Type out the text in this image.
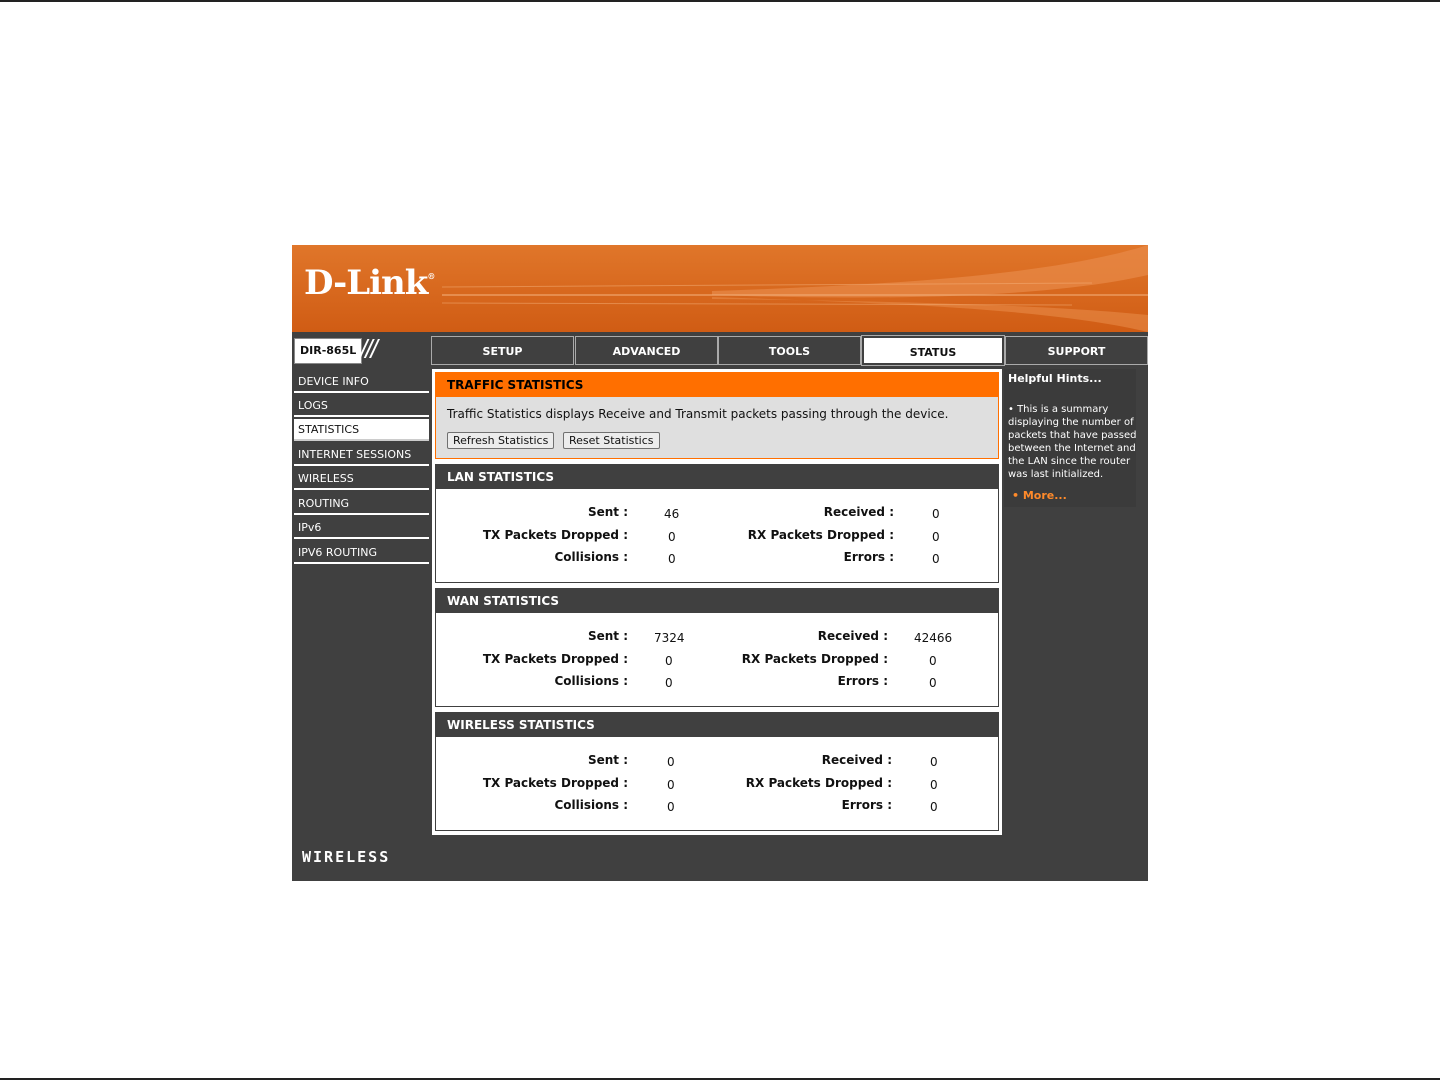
D-Link®
DIR-865L ///	SETUP	ADVANCED	TOOLS	STATUS	SUPPORT
DEVICE INFO
LOGS
STATISTICS
INTERNET SESSIONS
WIRELESS
ROUTING
IPv6
IPV6 ROUTING
TRAFFIC STATISTICS
Traffic Statistics displays Receive and Transmit packets passing through the device.
Refresh Statistics	Reset Statistics
LAN STATISTICS
Sent :	46	Received :	0
TX Packets Dropped :	0	RX Packets Dropped :	0
Collisions :	0	Errors :	0
WAN STATISTICS
Sent : 7324	Received : 42466
TX Packets Dropped :	0	RX Packets Dropped :	0
Collisions :	0	Errors :	0
WIRELESS STATISTICS
Sent :	0	Received :	0
TX Packets Dropped :	0	RX Packets Dropped :	0
Collisions :	0	Errors :	0
Helpful Hints...
• This is a summary displaying the number of packets that have passed between the Internet and the LAN since the router was last initialized.
• More...
WIRELESS
